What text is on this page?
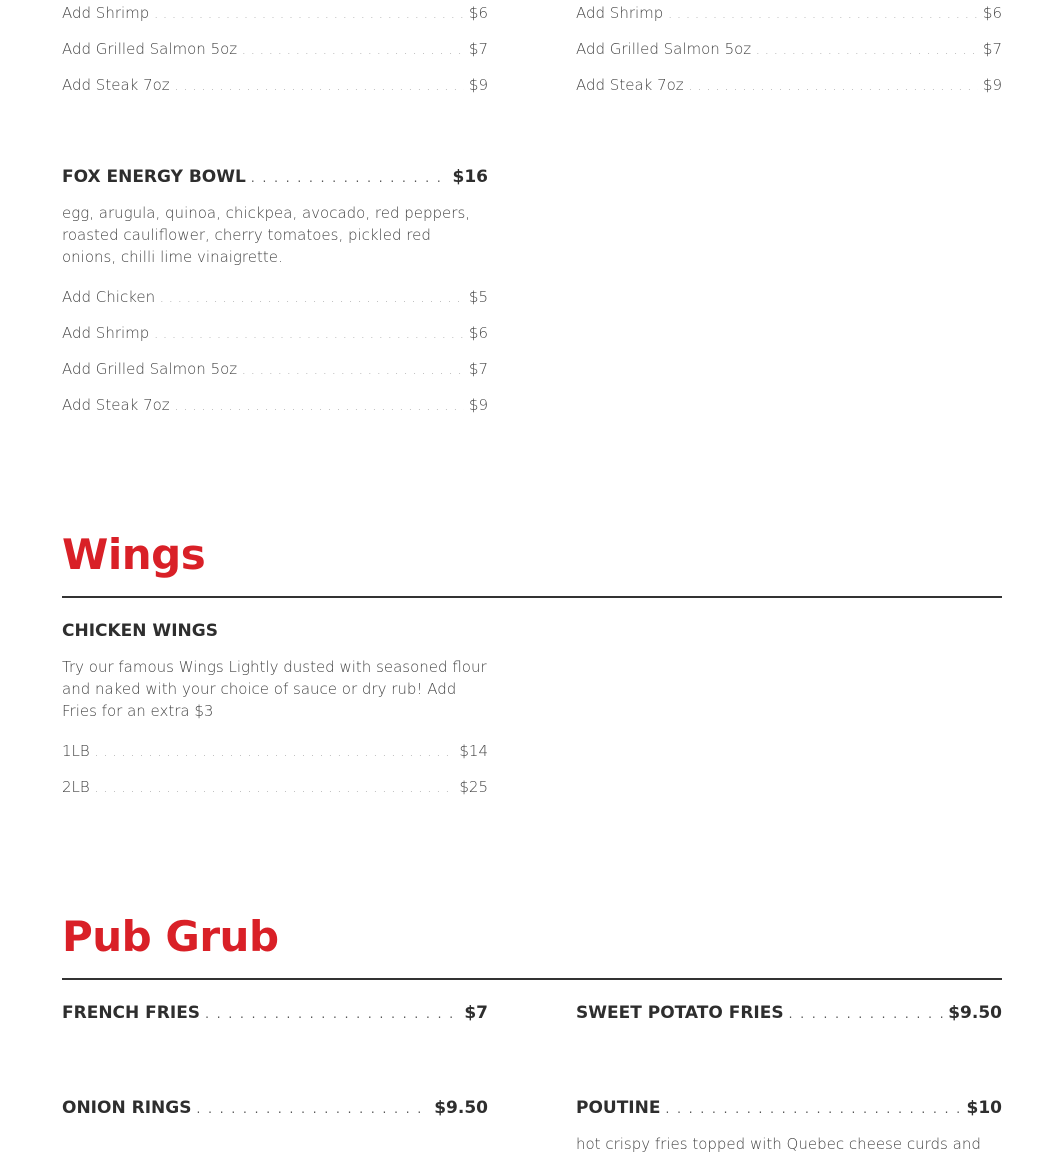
Add Shrimp . . .	$6
Add Grilled Salmon 5oz . . .	$7
Add Steak 7oz . . .	$9
Add Shrimp . . .	$6
Add Grilled Salmon 5oz . . .	$7
Add Steak 7oz . . .	$9
FOX ENERGY BOWL . . .	$16
egg, arugula, quinoa, chickpea, avocado, red peppers, roasted cauliflower, cherry tomatoes, pickled red onions, chilli lime vinaigrette.
Add Chicken . . .	$5
Add Shrimp . . .	$6
Add Grilled Salmon 5oz . . .	$7
Add Steak 7oz . . .	$9
Wings
CHICKEN WINGS
Try our famous Wings Lightly dusted with seasoned flour and naked with your choice of sauce or dry rub! Add Fries for an extra $3
1LB . . .	$14
2LB . . .	$25
Pub Grub
FRENCH FRIES . . .	$7	SWEET POTATO FRIES . . .	$9.50
ONION RINGS . . .	$9.50	POUTINE . . .	$10
hot crispy fries topped with Quebec cheese curds and
